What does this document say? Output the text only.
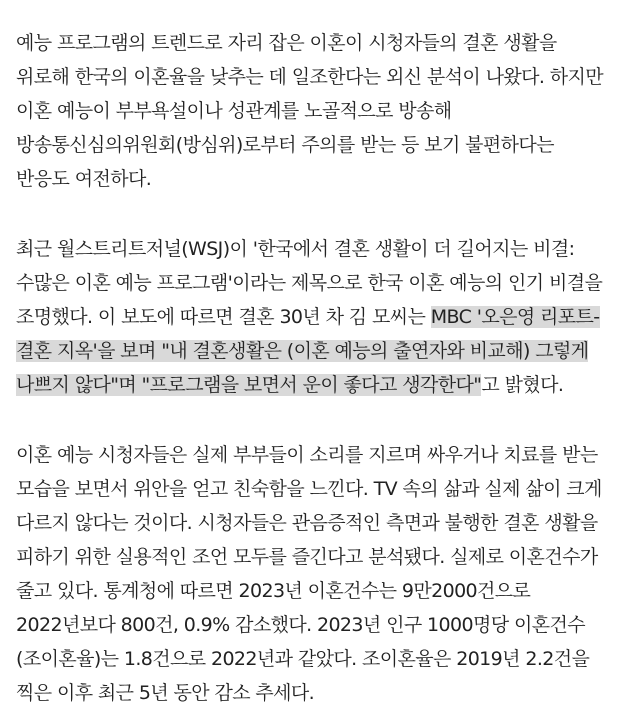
예능 프로그램의 트렌드로 자리 잡은 이혼이 시청자들의 결혼 생활을 위로해 한국의 이혼율을 낮추는 데 일조한다는 외신 분석이 나왔다. 하지만 이혼 예능이 부부욕설이나 성관계를 노골적으로 방송해 방송통신심의위원회(방심위)로부터 주의를 받는 등 보기 불편하다는 반응도 여전하다.

최근 월스트리트저널(WSJ)이 '한국에서 결혼 생활이 더 길어지는 비결: 수많은 이혼 예능 프로그램'이라는 제목으로 한국 이혼 예능의 인기 비결을 조명했다. 이 보도에 따르면 결혼 30년 차 김 모씨는 MBC '오은영 리포트-결혼 지옥'을 보며 "내 결혼생활은 (이혼 예능의 출연자와 비교해) 그렇게 나쁘지 않다"며 "프로그램을 보면서 운이 좋다고 생각한다"고 밝혔다.

이혼 예능 시청자들은 실제 부부들이 소리를 지르며 싸우거나 치료를 받는 모습을 보면서 위안을 얻고 친숙함을 느낀다. TV 속의 삶과 실제 삶이 크게 다르지 않다는 것이다. 시청자들은 관음증적인 측면과 불행한 결혼 생활을 피하기 위한 실용적인 조언 모두를 즐긴다고 분석됐다. 실제로 이혼건수가 줄고 있다. 통계청에 따르면 2023년 이혼건수는 9만2000건으로 2022년보다 800건, 0.9% 감소했다. 2023년 인구 1000명당 이혼건수(조이혼율)는 1.8건으로 2022년과 같았다. 조이혼율은 2019년 2.2건을 찍은 이후 최근 5년 동안 감소 추세다.
